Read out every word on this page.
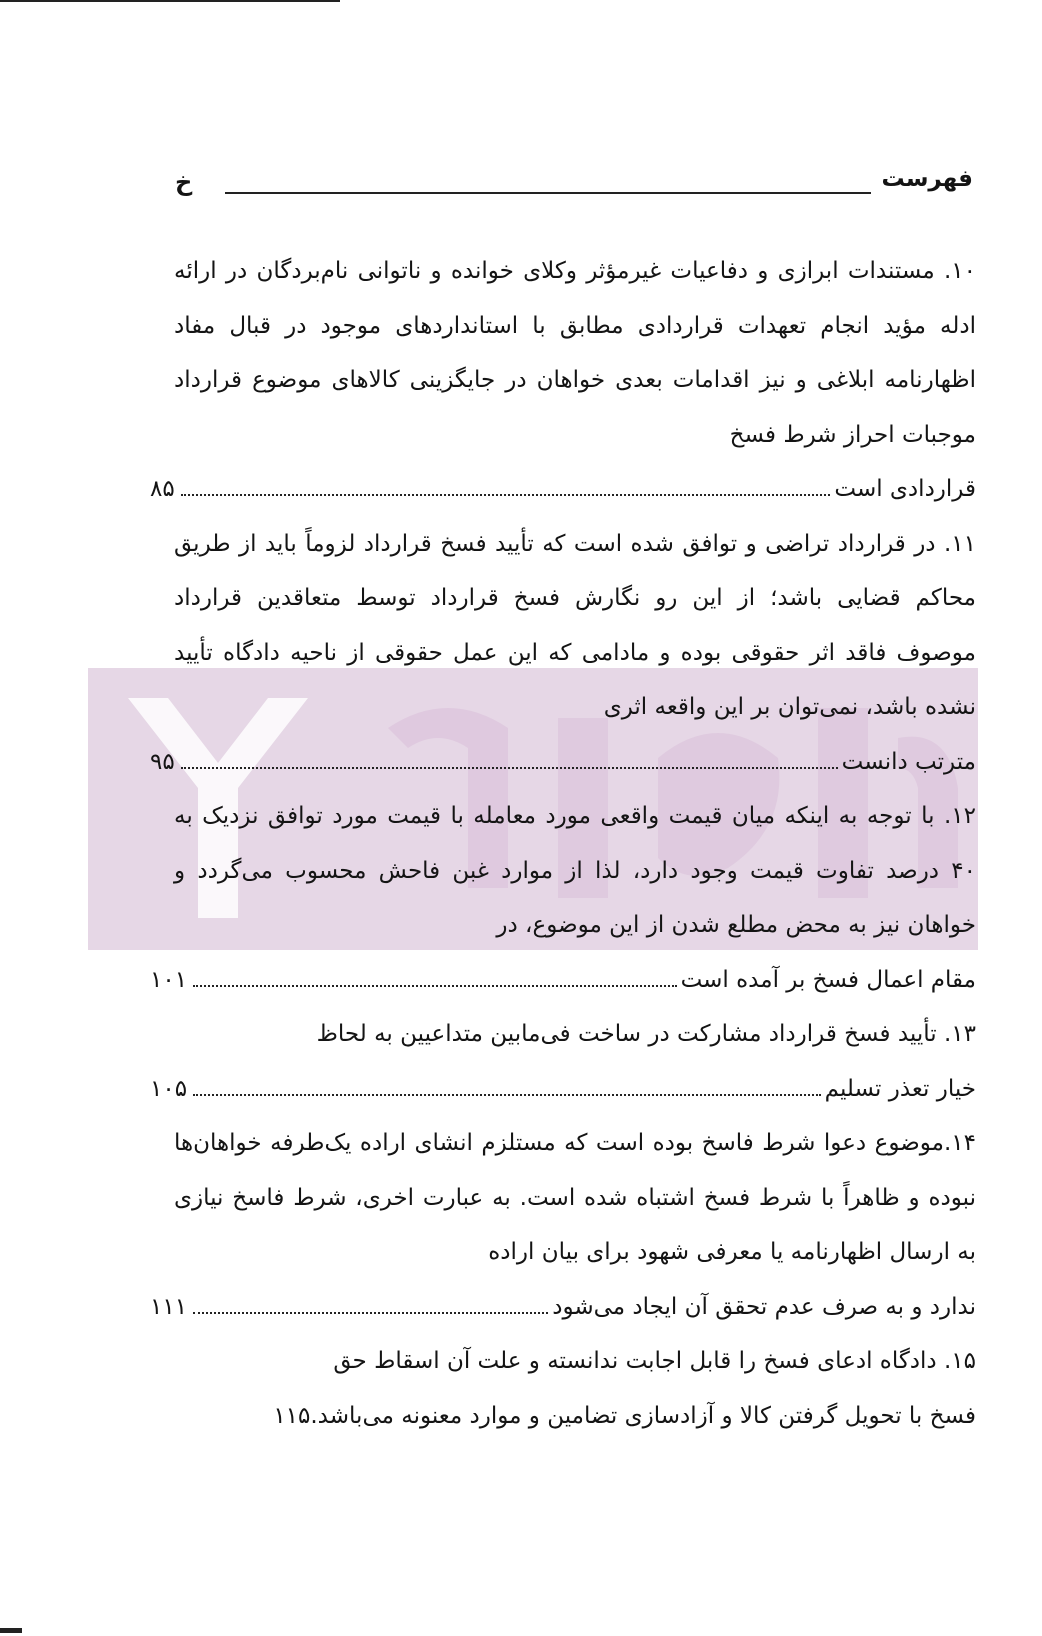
فهرست
خ
۱۰. مستندات ابرازی و دفاعیات غیرمؤثر وکلای خوانده و ناتوانی نام‌بردگان در ارائه ادله مؤید انجام تعهدات قراردادی مطابق با استانداردهای موجود در قبال مفاد اظهارنامه ابلاغی و نیز اقدامات بعدی خواهان در جایگزینی کالاهای موضوع قرارداد موجبات احراز شرط فسخ
قراردادی است
۸۵
۱۱. در قرارداد تراضی و توافق شده است که تأیید فسخ قرارداد لزوماً باید از طریق محاکم قضایی باشد؛ از این رو نگارش فسخ قرارداد توسط متعاقدین قرارداد موصوف فاقد اثر حقوقی بوده و مادامی که این عمل حقوقی از ناحیه دادگاه تأیید نشده باشد، نمی‌توان بر این واقعه اثری
مترتب دانست
۹۵
۱۲. با توجه به اینکه میان قیمت واقعی مورد معامله با قیمت مورد توافق نزدیک به ۴۰ درصد تفاوت قیمت وجود دارد، لذا از موارد غبن فاحش محسوب می‌گردد و خواهان نیز به محض مطلع شدن از این موضوع، در
مقام اعمال فسخ بر آمده است
۱۰۱
۱۳. تأیید فسخ قرارداد مشارکت در ساخت فی‌مابین متداعیین به لحاظ
خیار تعذر تسلیم
۱۰۵
۱۴.موضوع دعوا شرط فاسخ بوده است که مستلزم انشای اراده یک‌طرفه خواهان‌ها نبوده و ظاهراً با شرط فسخ اشتباه شده است. به عبارت اخری، شرط فاسخ نیازی به ارسال اظهارنامه یا معرفی شهود برای بیان اراده
ندارد و به صرف عدم تحقق آن ایجاد می‌شود
۱۱۱
۱۵. دادگاه ادعای فسخ را قابل اجابت ندانسته و علت آن اسقاط حق
فسخ با تحویل گرفتن کالا و آزادسازی تضامین و موارد معنونه می‌باشد.
۱۱۵
